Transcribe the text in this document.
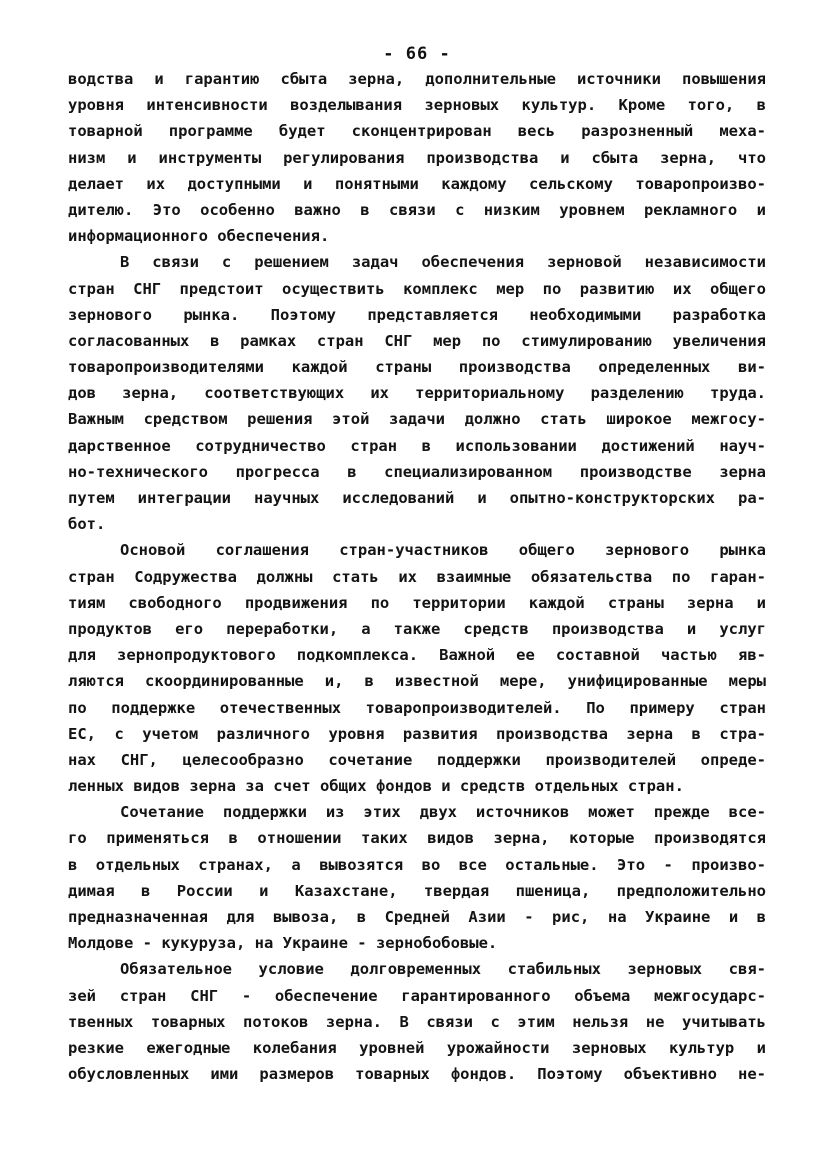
- 66 -
водства и гарантию сбыта зерна, дополнительные источники повышения
уровня интенсивности возделывания зерновых культур. Кроме того, в
товарной программе будет сконцентрирован весь разрозненный меха-
низм и инструменты регулирования производства и сбыта зерна, что
делает их доступными и понятными каждому сельскому товаропроизво-
дителю. Это особенно важно в связи с низким уровнем рекламного и
информационного обеспечения.
В связи с решением задач обеспечения зерновой независимости
стран СНГ предстоит осуществить комплекс мер по развитию их общего
зернового рынка. Поэтому представляется необходимыми разработка
согласованных в рамках стран СНГ мер по стимулированию увеличения
товаропроизводителями каждой страны производства определенных ви-
дов зерна, соответствующих их территориальному разделению труда.
Важным средством решения этой задачи должно стать широкое межгосу-
дарственное сотрудничество стран в использовании достижений науч-
но-технического прогресса в специализированном производстве зерна
путем интеграции научных исследований и опытно-конструкторских ра-
бот.
Основой соглашения стран-участников общего зернового рынка
стран Содружества должны стать их взаимные обязательства по гаран-
тиям свободного продвижения по территории каждой страны зерна и
продуктов его переработки, а также средств производства и услуг
для зернопродуктового подкомплекса. Важной ее составной частью яв-
ляются скоординированные и, в известной мере, унифицированные меры
по поддержке отечественных товаропроизводителей. По примеру стран
ЕС, с учетом различного уровня развития производства зерна в стра-
нах СНГ, целесообразно сочетание поддержки производителей опреде-
ленных видов зерна за счет общих фондов и средств отдельных стран.
Сочетание поддержки из этих двух источников может прежде все-
го применяться в отношении таких видов зерна, которые производятся
в отдельных странах, а вывозятся во все остальные. Это - произво-
димая в России и Казахстане, твердая пшеница, предположительно
предназначенная для вывоза, в Средней Азии - рис, на Украине и в
Молдове - кукуруза, на Украине - зернобобовые.
Обязательное условие долговременных стабильных зерновых свя-
зей стран СНГ - обеспечение гарантированного объема межгосударс-
твенных товарных потоков зерна. В связи с этим нельзя не учитывать
резкие ежегодные колебания уровней урожайности зерновых культур и
обусловленных ими размеров товарных фондов. Поэтому объективно не-
